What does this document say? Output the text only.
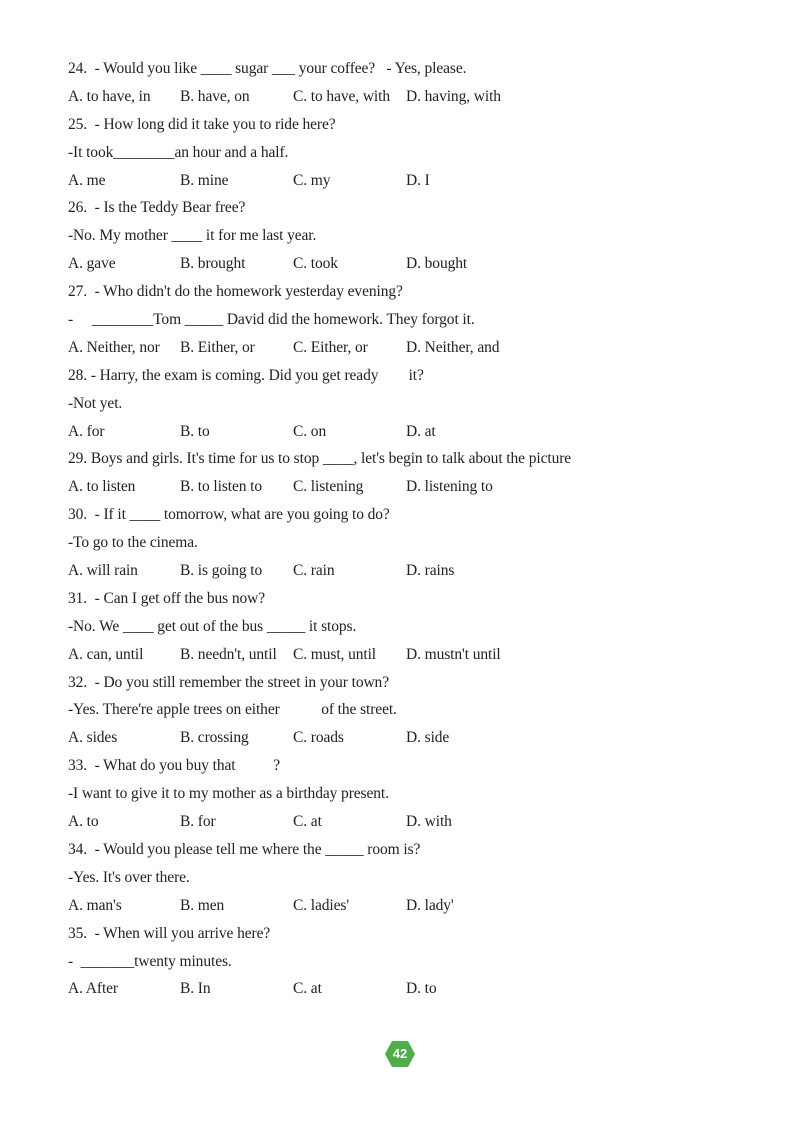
24.  - Would you like ____ sugar ___ your coffee?   - Yes, please.
A. to have, in	B. have, on	C. to have, with	D. having, with
25.  - How long did it take you to ride here?
-It took________an hour and a half.
A. me	B. mine	C. my	D. I
26.  - Is the Teddy Bear free?
-No. My mother ____ it for me last year.
A. gave	B. brought	C. took	D. bought
27.  - Who didn't do the homework yesterday evening?
-     ________Tom _____ David did the homework. They forgot it.
A. Neither, nor	B. Either, or	C. Either, or	D. Neither, and
28. - Harry, the exam is coming. Did you get ready        it?
-Not yet.
A. for	B. to	C. on	D. at
29. Boys and girls. It's time for us to stop ____, let's begin to talk about the picture
A. to listen	B. to listen to	C. listening	D. listening to
30.  - If it ____ tomorrow, what are you going to do?
-To go to the cinema.
A. will rain	B. is going to	C. rain	D. rains
31.  - Can I get off the bus now?
-No. We ____ get out of the bus _____ it stops.
A. can, until	B. needn't, until	C. must, until	D. mustn't until
32.  - Do you still remember the street in your town?
-Yes. There're apple trees on either           of the street.
A. sides	B. crossing	C. roads	D. side
33.  - What do you buy that          ?
-I want to give it to my mother as a birthday present.
A. to	B. for	C. at	D. with
34.  - Would you please tell me where the _____ room is?
-Yes. It's over there.
A. man's	B. men	C. ladies'	D. lady'
35.  - When will you arrive here?
-  _______twenty minutes.
A. After	B. In	C. at	D. to
42
